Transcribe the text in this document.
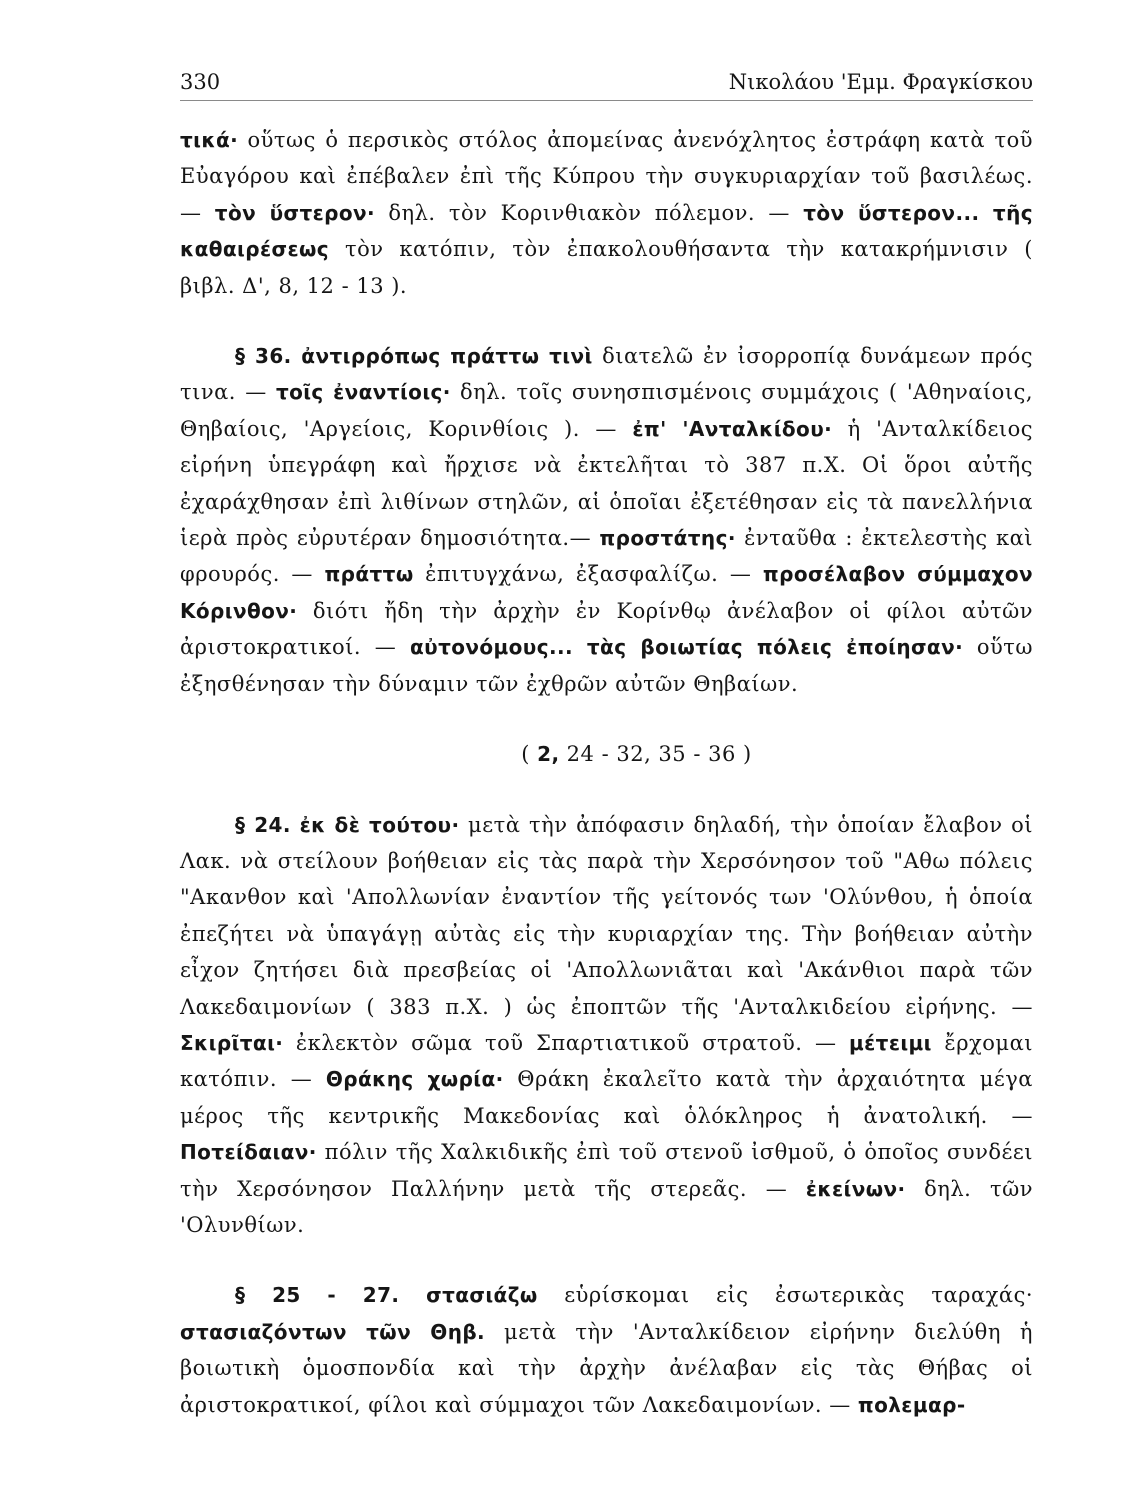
330	Νικολάου 'Εμμ. Φραγκίσκου

τικά· οὕτως ὁ περσικὸς στόλος ἀπομείνας ἀνενόχλητος ἐστράφη κατὰ τοῦ Εὐαγόρου καὶ ἐπέβαλεν ἐπὶ τῆς Κύπρου τὴν συγκυριαρχίαν τοῦ βασιλέως. — τὸν ὕστερον· δηλ. τὸν Κορινθιακὸν πόλεμον. — τὸν ὕστερον... τῆς καθαιρέσεως τὸν κατόπιν, τὸν ἐπακολουθήσαντα τὴν κατακρήμνισιν ( βιβλ. Δ', 8, 12 - 13 ).

§ 36. ἀντιρρόπως πράττω τινὶ διατελῶ ἐν ἰσορροπίᾳ δυνάμεων πρός τινα. — τοῖς ἐναντίοις· δηλ. τοῖς συνησπισμένοις συμμάχοις ( 'Αθηναίοις, Θηβαίοις, 'Αργείοις, Κορινθίοις ). — ἐπ' 'Ανταλκίδου· ἡ 'Ανταλκίδειος εἰρήνη ὑπεγράφη καὶ ἤρχισε νὰ ἐκτελῆται τὸ 387 π.Χ. Οἱ ὅροι αὐτῆς ἐχαράχθησαν ἐπὶ λιθίνων στηλῶν, αἱ ὁποῖαι ἐξετέθησαν εἰς τὰ πανελλήνια ἱερὰ πρὸς εὐρυτέραν δημοσιότητα.— προστάτης· ἐνταῦθα : ἐκτελεστὴς καὶ φρουρός. — πράττω ἐπιτυγχάνω, ἐξασφαλίζω. — προσέλαβον σύμμαχον Κόρινθον· διότι ἤδη τὴν ἀρχὴν ἐν Κορίνθῳ ἀνέλαβον οἱ φίλοι αὐτῶν ἀριστοκρατικοί. — αὐτονόμους... τὰς βοιωτίας πόλεις ἐποίησαν· οὕτω ἐξησθένησαν τὴν δύναμιν τῶν ἐχθρῶν αὐτῶν Θηβαίων.

( 2, 24 - 32, 35 - 36 )

§ 24. ἐκ δὲ τούτου· μετὰ τὴν ἀπόφασιν δηλαδή, τὴν ὁποίαν ἔλαβον οἱ Λακ. νὰ στείλουν βοήθειαν εἰς τὰς παρὰ τὴν Χερσόνησον τοῦ "Αθω πόλεις "Ακανθον καὶ 'Απολλωνίαν ἐναντίον τῆς γείτονός των 'Ολύνθου, ἡ ὁποία ἐπεζήτει νὰ ὑπαγάγῃ αὐτὰς εἰς τὴν κυριαρχίαν της. Τὴν βοήθειαν αὐτὴν εἶχον ζητήσει διὰ πρεσβείας οἱ 'Απολλωνιᾶται καὶ 'Ακάνθιοι παρὰ τῶν Λακεδαιμονίων ( 383 π.Χ. ) ὡς ἐποπτῶν τῆς 'Ανταλκιδείου εἰρήνης. — Σκιρῖται· ἐκλεκτὸν σῶμα τοῦ Σπαρτιατικοῦ στρατοῦ. — μέτειμι ἔρχομαι κατόπιν. — Θράκης χωρία· Θράκη ἐκαλεῖτο κατὰ τὴν ἀρχαιότητα μέγα μέρος τῆς κεντρικῆς Μακεδονίας καὶ ὁλόκληρος ἡ ἀνατολική. — Ποτείδαιαν· πόλιν τῆς Χαλκιδικῆς ἐπὶ τοῦ στενοῦ ἰσθμοῦ, ὁ ὁποῖος συνδέει τὴν Χερσόνησον Παλλήνην μετὰ τῆς στερεᾶς. — ἐκείνων· δηλ. τῶν 'Ολυνθίων.

§ 25 - 27. στασιάζω εὑρίσκομαι εἰς ἐσωτερικὰς ταραχάς· στασιαζόντων τῶν Θηβ. μετὰ τὴν 'Ανταλκίδειον εἰρήνην διελύθη ἡ βοιωτικὴ ὁμοσπονδία καὶ τὴν ἀρχὴν ἀνέλαβαν εἰς τὰς Θήβας οἱ ἀριστοκρατικοί, φίλοι καὶ σύμμαχοι τῶν Λακεδαιμονίων. — πολεμαρ-
